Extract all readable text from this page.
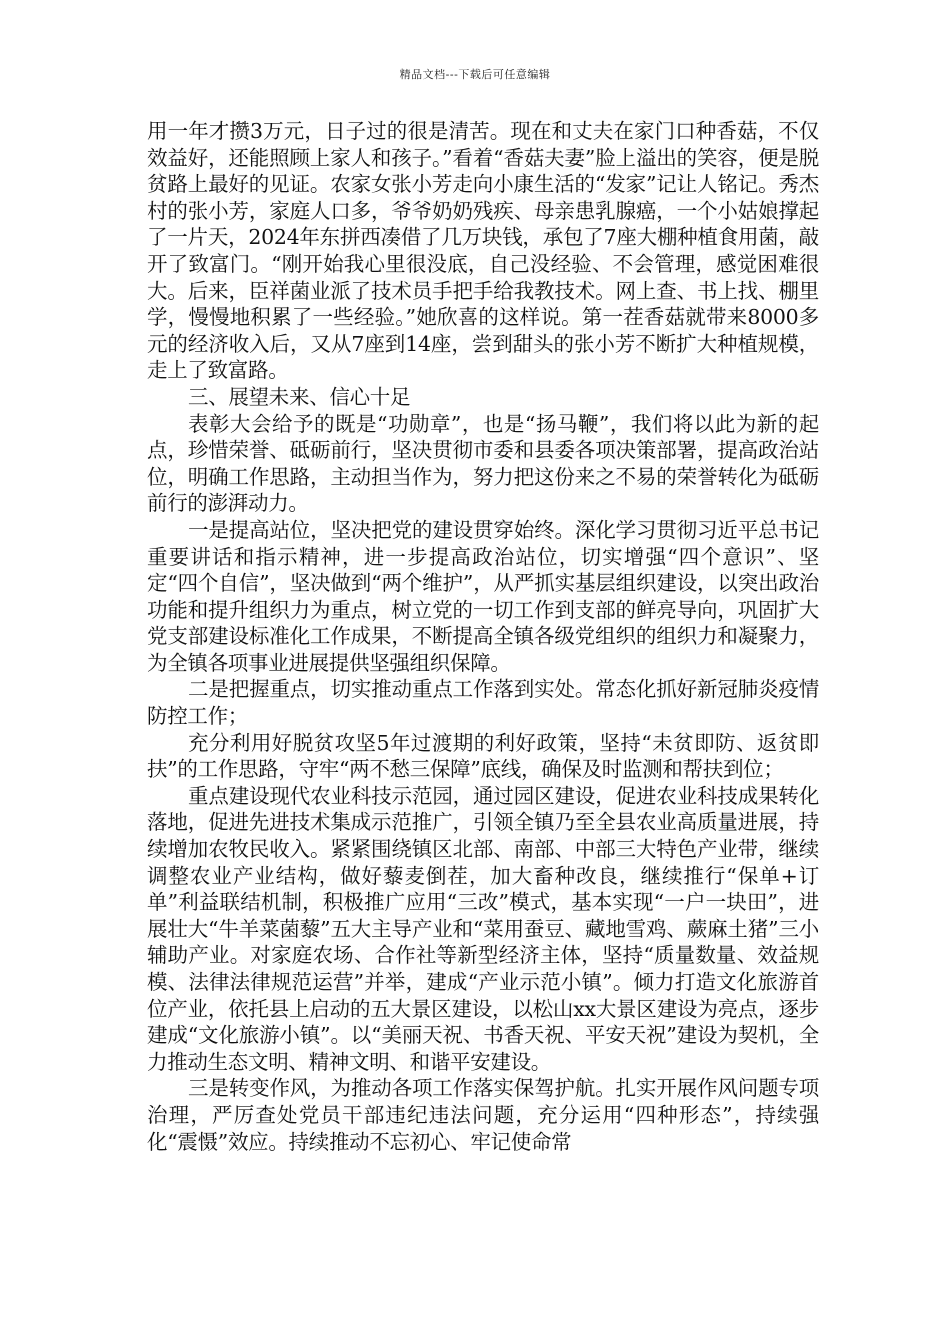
精品文档---下载后可任意编辑

用一年才攒3万元，日子过的很是清苦。现在和丈夫在家门口种香菇，不仅效益好，还能照顾上家人和孩子。”看着“香菇夫妻”脸上溢出的笑容，便是脱贫路上最好的见证。农家女张小芳走向小康生活的“发家”记让人铭记。秀杰村的张小芳，家庭人口多，爷爷奶奶残疾、母亲患乳腺癌，一个小姑娘撑起了一片天，2024年东拼西凑借了几万块钱，承包了7座大棚种植食用菌，敲开了致富门。“刚开始我心里很没底，自己没经验、不会管理，感觉困难很大。后来，臣祥菌业派了技术员手把手给我教技术。网上查、书上找、棚里学，慢慢地积累了一些经验。”她欣喜的这样说。第一茬香菇就带来8000多元的经济收入后，又从7座到14座，尝到甜头的张小芳不断扩大种植规模，走上了致富路。

三、展望未来、信心十足

表彰大会给予的既是“功勋章”，也是“扬马鞭”，我们将以此为新的起点，珍惜荣誉、砥砺前行，坚决贯彻市委和县委各项决策部署，提高政治站位，明确工作思路，主动担当作为，努力把这份来之不易的荣誉转化为砥砺前行的澎湃动力。

一是提高站位，坚决把党的建设贯穿始终。深化学习贯彻习近平总书记重要讲话和指示精神，进一步提高政治站位，切实增强“四个意识”、坚定“四个自信”，坚决做到“两个维护”，从严抓实基层组织建设，以突出政治功能和提升组织力为重点，树立党的一切工作到支部的鲜亮导向，巩固扩大党支部建设标准化工作成果，不断提高全镇各级党组织的组织力和凝聚力，为全镇各项事业进展提供坚强组织保障。

二是把握重点，切实推动重点工作落到实处。常态化抓好新冠肺炎疫情防控工作；

充分利用好脱贫攻坚5年过渡期的利好政策，坚持“未贫即防、返贫即扶”的工作思路，守牢“两不愁三保障”底线，确保及时监测和帮扶到位；

重点建设现代农业科技示范园，通过园区建设，促进农业科技成果转化落地，促进先进技术集成示范推广，引领全镇乃至全县农业高质量进展，持续增加农牧民收入。紧紧围绕镇区北部、南部、中部三大特色产业带，继续调整农业产业结构，做好藜麦倒茬，加大畜种改良，继续推行“保单+订单”利益联结机制，积极推广应用“三改”模式，基本实现“一户一块田”，进展壮大“牛羊菜菌藜”五大主导产业和“菜用蚕豆、藏地雪鸡、蕨麻土猪”三小辅助产业。对家庭农场、合作社等新型经济主体，坚持“质量数量、效益规模、法律法律规范运营”并举，建成“产业示范小镇”。倾力打造文化旅游首位产业，依托县上启动的五大景区建设，以松山xx大景区建设为亮点，逐步建成“文化旅游小镇”。以“美丽天祝、书香天祝、平安天祝”建设为契机，全力推动生态文明、精神文明、和谐平安建设。

三是转变作风，为推动各项工作落实保驾护航。扎实开展作风问题专项治理，严厉查处党员干部违纪违法问题，充分运用“四种形态”，持续强化“震慑”效应。持续推动不忘初心、牢记使命常
